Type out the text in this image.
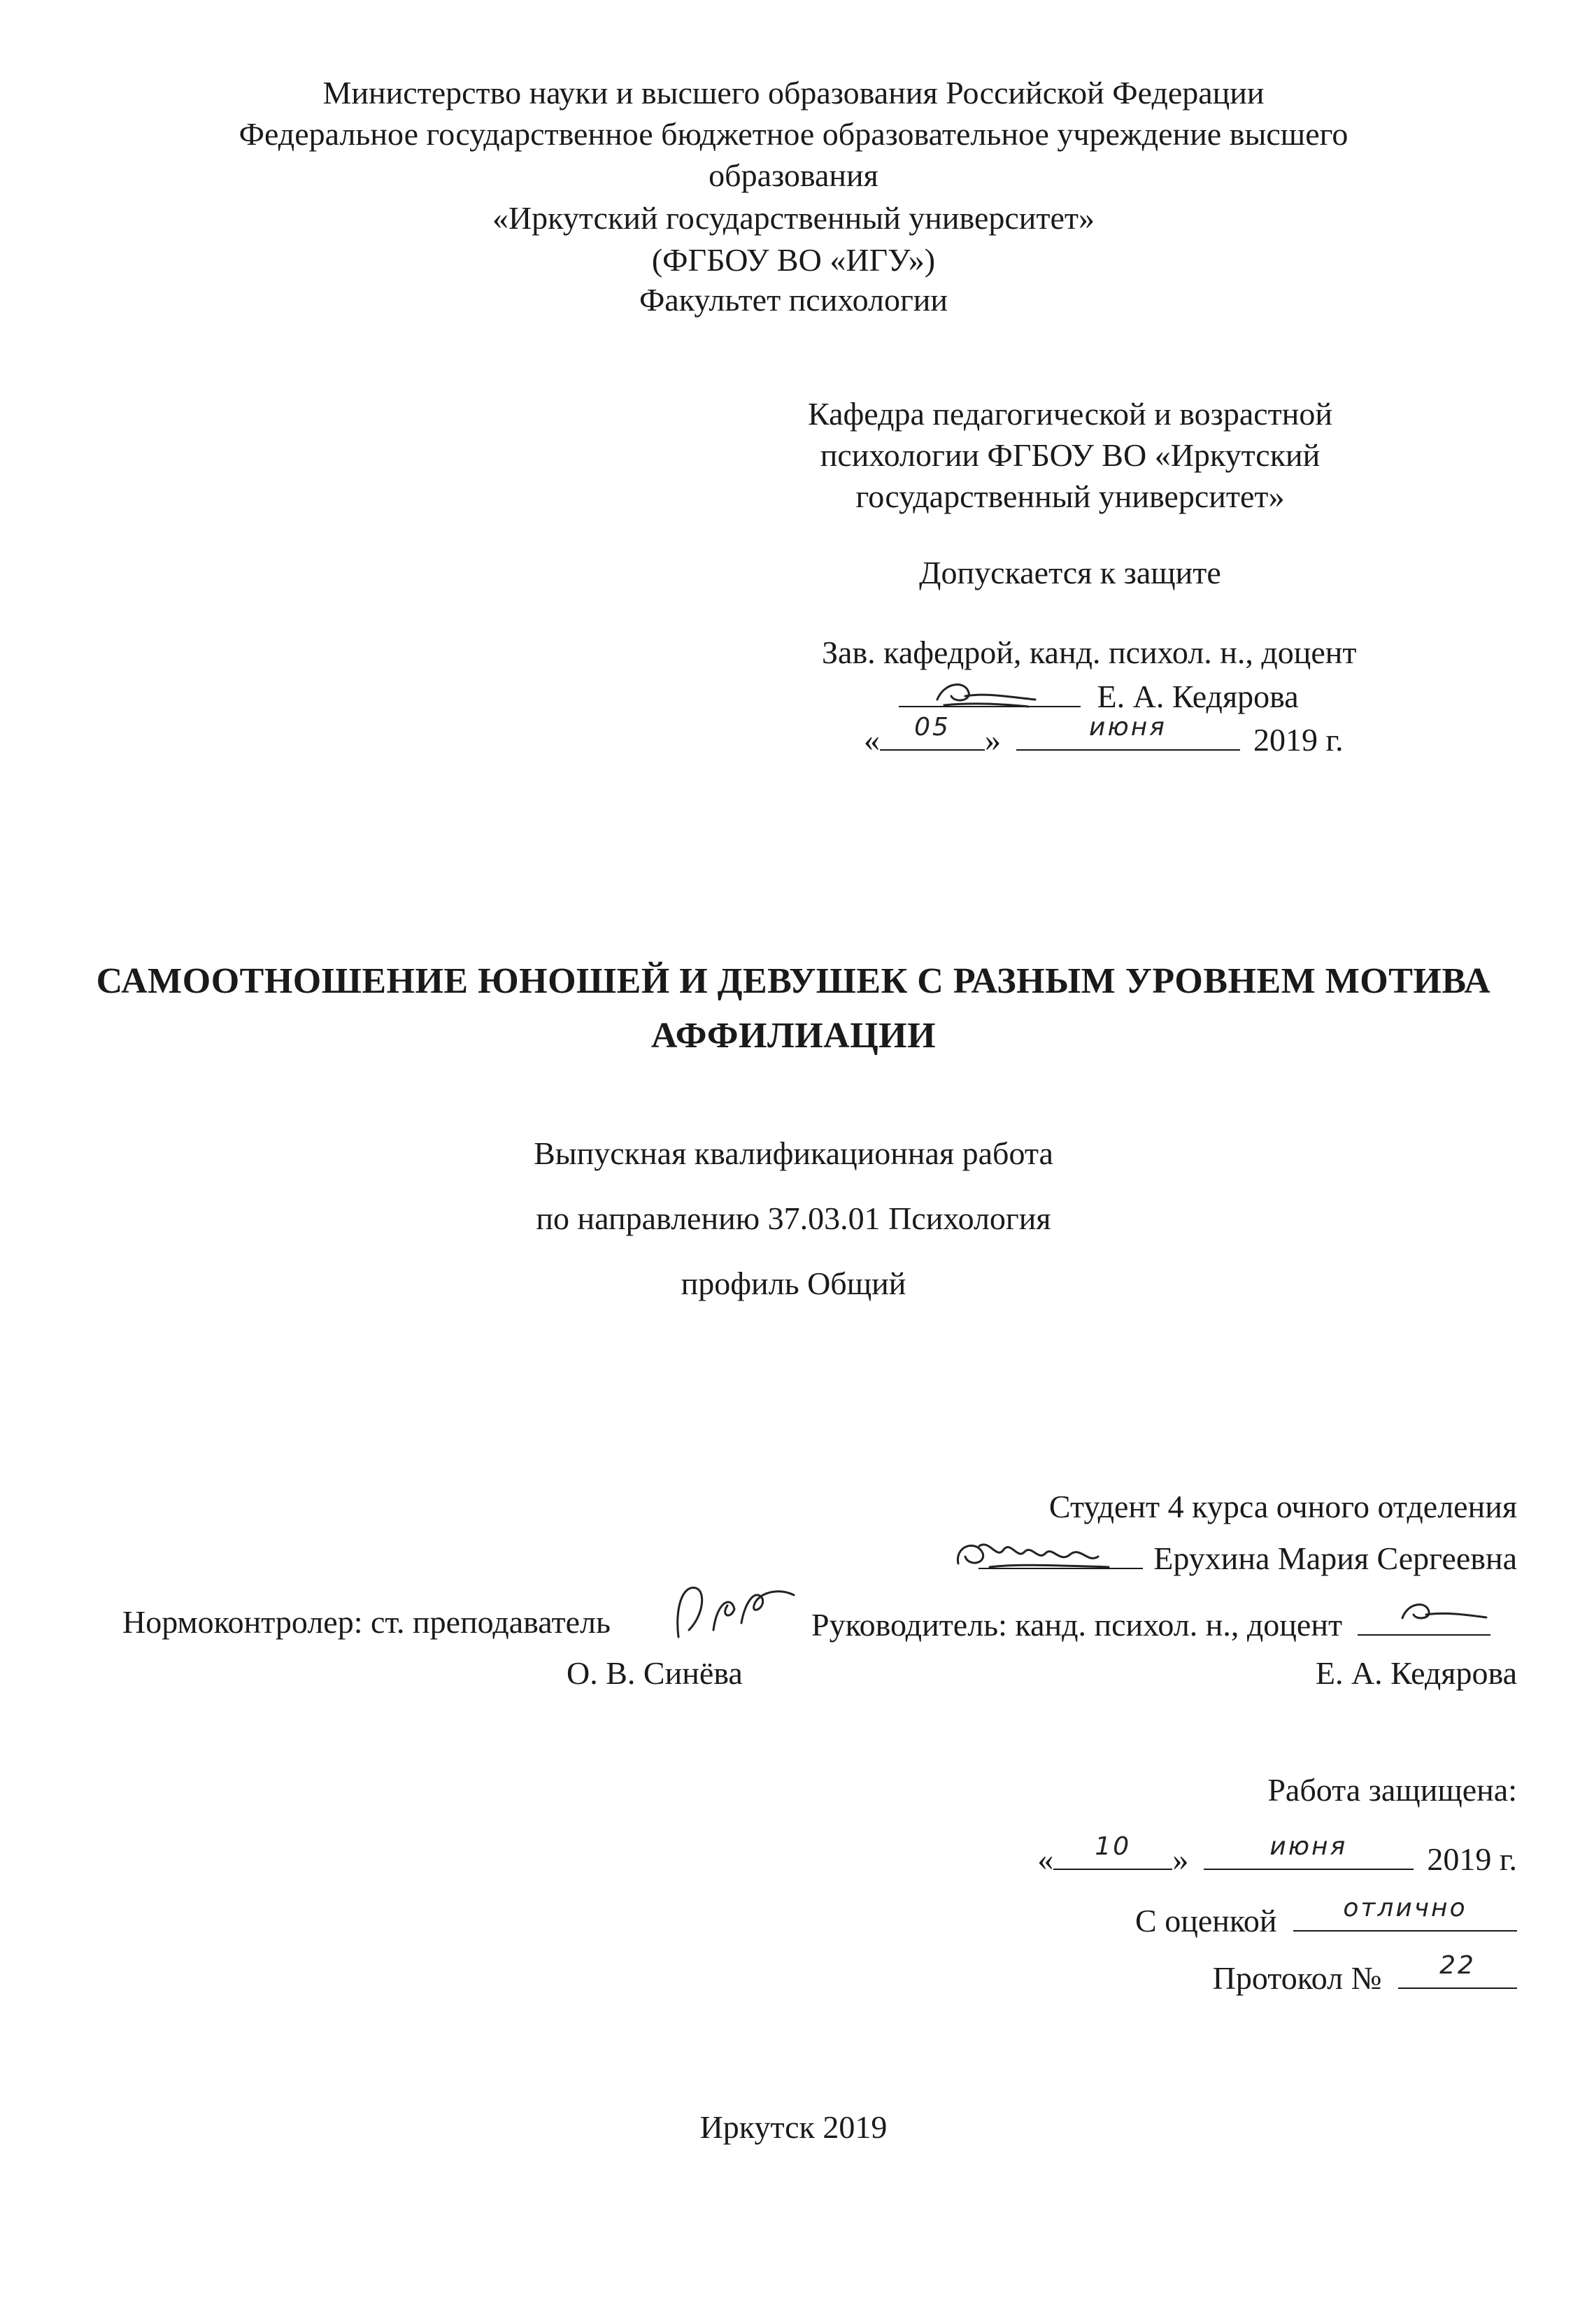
Министерство науки и высшего образования Российской Федерации
Федеральное государственное бюджетное образовательное учреждение высшего
образования
«Иркутский государственный университет»
(ФГБОУ ВО «ИГУ»)
Факультет психологии
Кафедра педагогической и возрастной
психологии ФГБОУ ВО «Иркутский
государственный университет»
Допускается к защите
Зав. кафедрой, канд. психол. н., доцент
Е. А. Кедярова
«	05	»	июня	2019 г.
САМООТНОШЕНИЕ ЮНОШЕЙ И ДЕВУШЕК С РАЗНЫМ УРОВНЕМ МОТИВА
АФФИЛИАЦИИ
Выпускная квалификационная работа
по направлению 37.03.01 Психология
профиль Общий
Студент 4 курса очного отделения
Ерухина Мария Сергеевна
Нормоконтролер: ст. преподаватель
О. В. Синёва
Руководитель: канд. психол. н., доцент
Е. А. Кедярова
Работа защищена:
«	10	»	июня	2019 г.
С оценкой	отлично
Протокол №	22
Иркутск 2019
